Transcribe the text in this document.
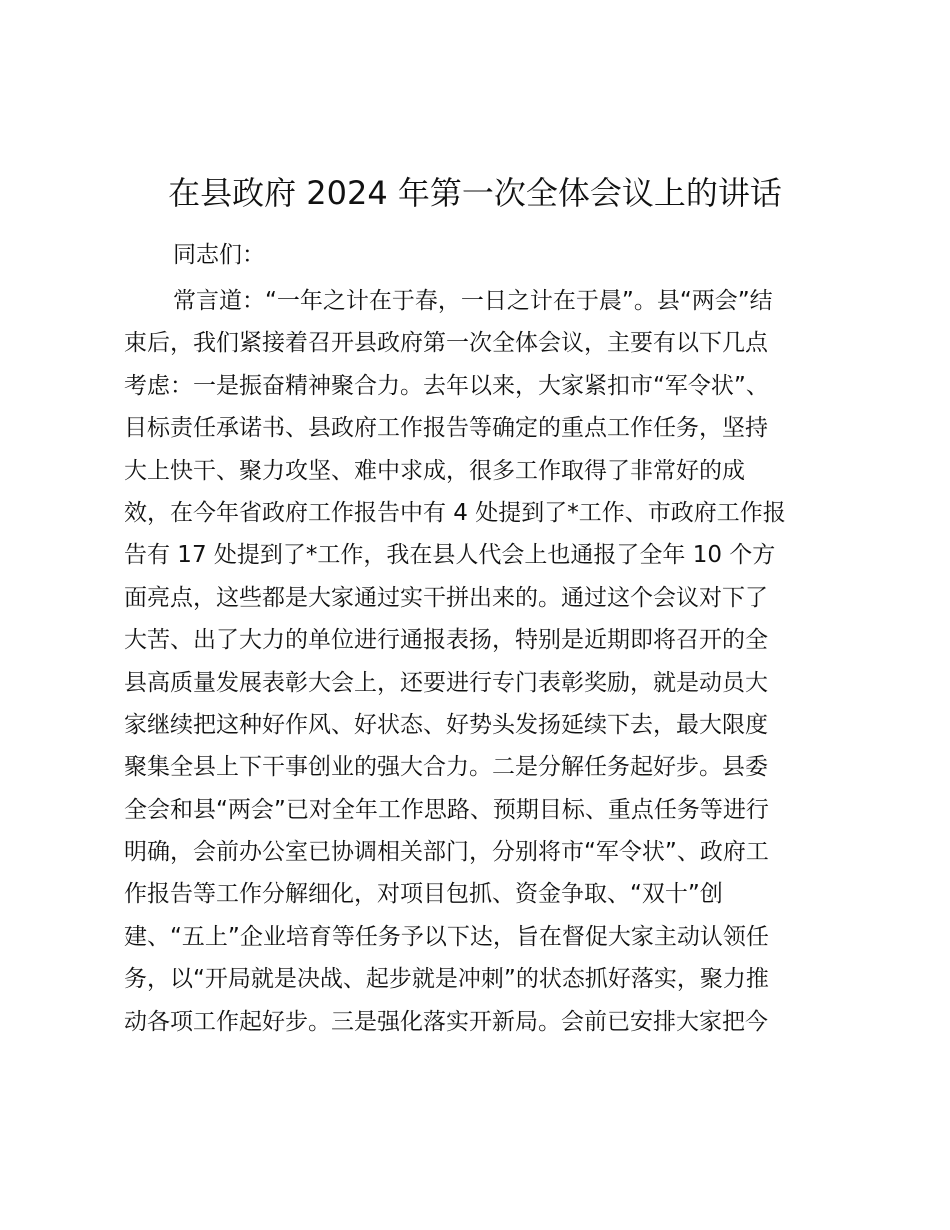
在县政府 2024 年第一次全体会议上的讲话

同志们：

常言道：“一年之计在于春，一日之计在于晨”。县“两会”结
束后，我们紧接着召开县政府第一次全体会议，主要有以下几点
考虑：一是振奋精神聚合力。去年以来，大家紧扣市“军令状”、
目标责任承诺书、县政府工作报告等确定的重点工作任务，坚持
大上快干、聚力攻坚、难中求成，很多工作取得了非常好的成
效，在今年省政府工作报告中有 4 处提到了*工作、市政府工作报
告有 17 处提到了*工作，我在县人代会上也通报了全年 10 个方
面亮点，这些都是大家通过实干拼出来的。通过这个会议对下了
大苦、出了大力的单位进行通报表扬，特别是近期即将召开的全
县高质量发展表彰大会上，还要进行专门表彰奖励，就是动员大
家继续把这种好作风、好状态、好势头发扬延续下去，最大限度
聚集全县上下干事创业的强大合力。二是分解任务起好步。县委
全会和县“两会”已对全年工作思路、预期目标、重点任务等进行
明确，会前办公室已协调相关部门，分别将市“军令状”、政府工
作报告等工作分解细化，对项目包抓、资金争取、“双十”创
建、“五上”企业培育等任务予以下达，旨在督促大家主动认领任
务，以“开局就是决战、起步就是冲刺”的状态抓好落实，聚力推
动各项工作起好步。三是强化落实开新局。会前已安排大家把今
